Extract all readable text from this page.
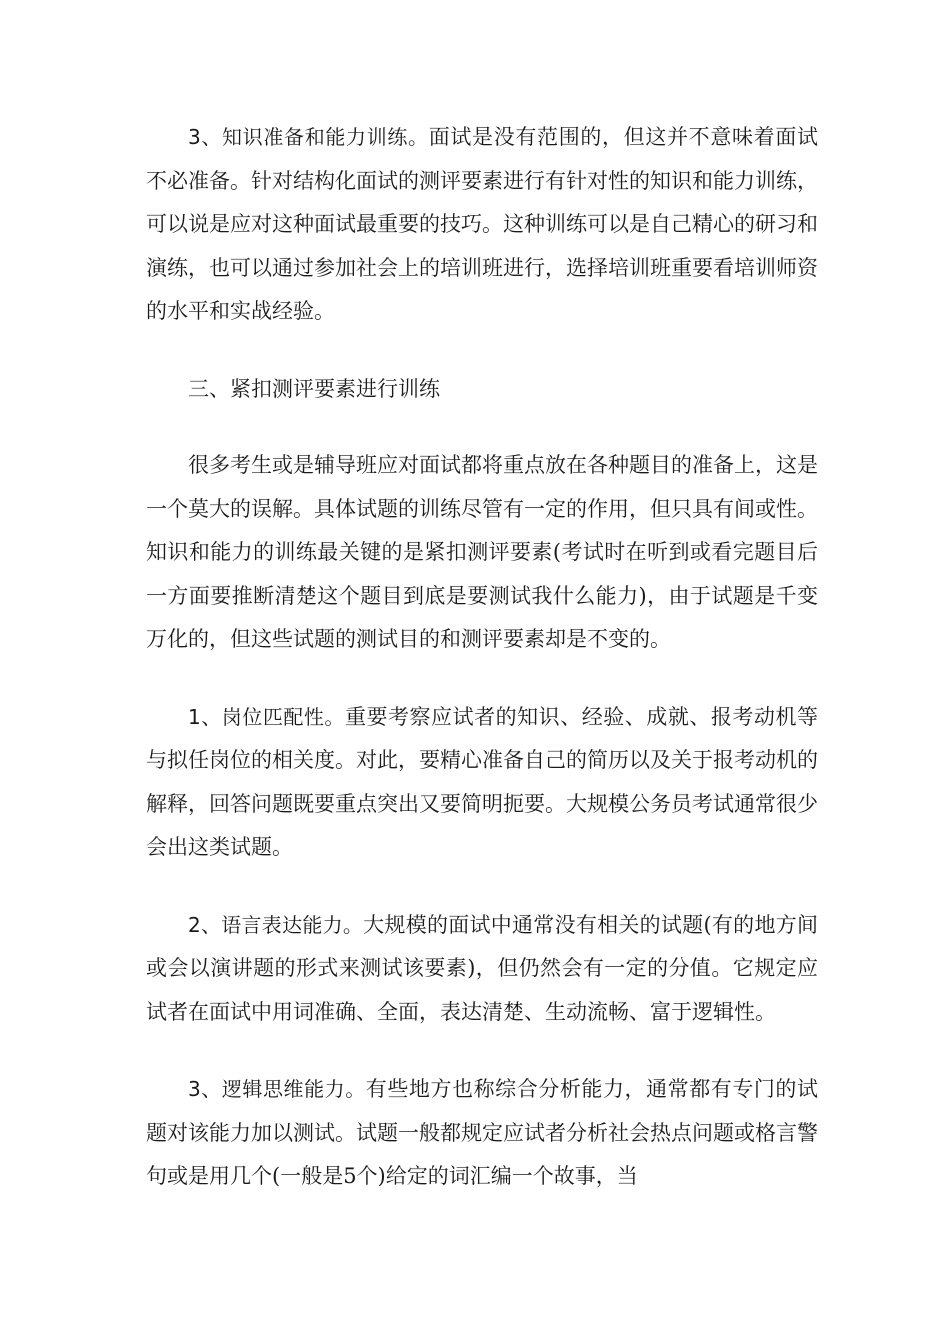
3、知识准备和能力训练。面试是没有范围的，但这并不意味着面试不必准备。针对结构化面试的测评要素进行有针对性的知识和能力训练，可以说是应对这种面试最重要的技巧。这种训练可以是自己精心的研习和演练，也可以通过参加社会上的培训班进行，选择培训班重要看培训师资的水平和实战经验。

三、紧扣测评要素进行训练

很多考生或是辅导班应对面试都将重点放在各种题目的准备上，这是一个莫大的误解。具体试题的训练尽管有一定的作用，但只具有间或性。知识和能力的训练最关键的是紧扣测评要素(考试时在听到或看完题目后一方面要推断清楚这个题目到底是要测试我什么能力)，由于试题是千变万化的，但这些试题的测试目的和测评要素却是不变的。

1、岗位匹配性。重要考察应试者的知识、经验、成就、报考动机等与拟任岗位的相关度。对此，要精心准备自己的简历以及关于报考动机的解释，回答问题既要重点突出又要简明扼要。大规模公务员考试通常很少会出这类试题。

2、语言表达能力。大规模的面试中通常没有相关的试题(有的地方间或会以演讲题的形式来测试该要素)，但仍然会有一定的分值。它规定应试者在面试中用词准确、全面，表达清楚、生动流畅、富于逻辑性。

3、逻辑思维能力。有些地方也称综合分析能力，通常都有专门的试题对该能力加以测试。试题一般都规定应试者分析社会热点问题或格言警句或是用几个(一般是5个)给定的词汇编一个故事，当
